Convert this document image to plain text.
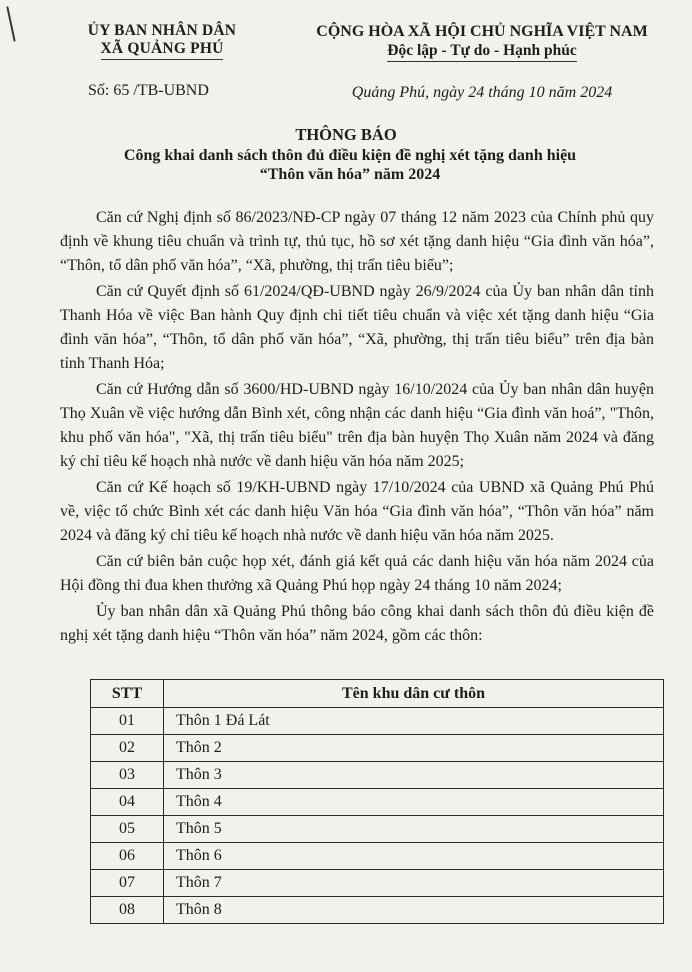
ỦY BAN NHÂN DÂN
XÃ QUẢNG PHÚ
CỘNG HÒA XÃ HỘI CHỦ NGHĨA VIỆT NAM
Độc lập - Tự do - Hạnh phúc
Số: 65 /TB-UBND	Quảng Phú, ngày 24 tháng 10 năm 2024
THÔNG BÁO
Công khai danh sách thôn đủ điều kiện đề nghị xét tặng danh hiệu
“Thôn văn hóa” năm 2024

Căn cứ Nghị định số 86/2023/NĐ-CP ngày 07 tháng 12 năm 2023 của Chính phủ quy định về khung tiêu chuẩn và trình tự, thủ tục, hồ sơ xét tặng danh hiệu “Gia đình văn hóa”, “Thôn, tổ dân phố văn hóa”, “Xã, phường, thị trấn tiêu biểu”;

Căn cứ Quyết định số 61/2024/QĐ-UBND ngày 26/9/2024 của Ủy ban nhân dân tỉnh Thanh Hóa về việc Ban hành Quy định chi tiết tiêu chuẩn và việc xét tặng danh hiệu “Gia đình văn hóa”, “Thôn, tổ dân phố văn hóa”, “Xã, phường, thị trấn tiêu biểu” trên địa bàn tỉnh Thanh Hóa;

Căn cứ Hướng dẫn số 3600/HD-UBND ngày 16/10/2024 của Ủy ban nhân dân huyện Thọ Xuân về việc hướng dẫn Bình xét, công nhận các danh hiệu “Gia đình văn hoá”, "Thôn, khu phố văn hóa", "Xã, thị trấn tiêu biểu" trên địa bàn huyện Thọ Xuân năm 2024 và đăng ký chỉ tiêu kế hoạch nhà nước về danh hiệu văn hóa năm 2025;

Căn cứ Kế hoạch số 19/KH-UBND ngày 17/10/2024 của UBND xã Quảng Phú Phú về, việc tổ chức Bình xét các danh hiệu Văn hóa “Gia đình văn hóa”, “Thôn văn hóa” năm 2024 và đăng ký chỉ tiêu kế hoạch nhà nước về danh hiệu văn hóa năm 2025.

Căn cứ biên bản cuộc họp xét, đánh giá kết quả các danh hiệu văn hóa năm 2024 của Hội đồng thi đua khen thưởng xã Quảng Phú họp ngày 24 tháng 10 năm 2024;

Ủy ban nhân dân xã Quảng Phú thông báo công khai danh sách thôn đủ điều kiện đề nghị xét tặng danh hiệu “Thôn văn hóa” năm 2024, gồm các thôn:

STT	Tên khu dân cư thôn
01	Thôn 1 Đá Lát
02	Thôn 2
03	Thôn 3
04	Thôn 4
05	Thôn 5
06	Thôn 6
07	Thôn 7
08	Thôn 8
